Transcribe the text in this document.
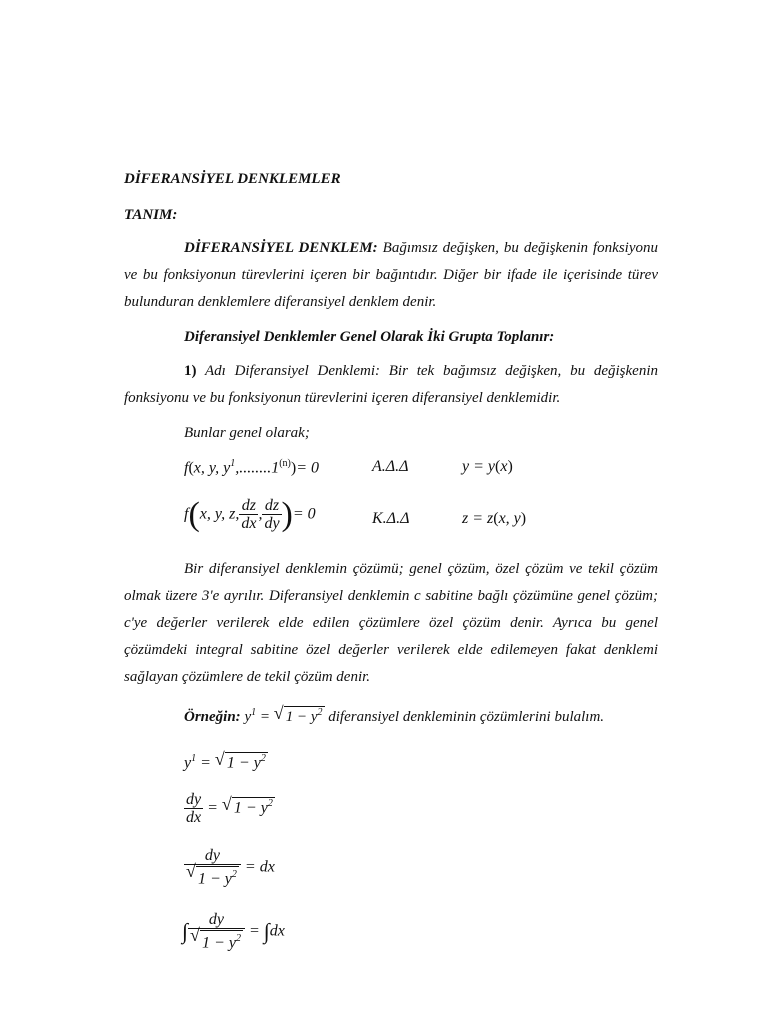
DİFERANSİYEL DENKLEMLER
TANIM:
DİFERANSİYEL DENKLEM: Bağımsız değişken, bu değişkenin fonksiyonu ve bu fonksiyonun türevlerini içeren bir bağıntıdır. Diğer bir ifade ile içerisinde türev bulunduran denklemlere diferansiyel denklem denir.
Diferansiyel Denklemler Genel Olarak İki Grupta Toplanır:
1) Adı Diferansiyel Denklemi: Bir tek bağımsız değişken, bu değişkenin fonksiyonu ve bu fonksiyonun türevlerini içeren diferansiyel denklemidir.
Bunlar genel olarak;
f(x, y, $y^1,........1^{(n)})= 0$	A.Δ.Δ	y = y(x)
f(x, y, z, $\frac{dz}{dx}$ , $\frac{dz}{dy}$ )= 0	K.Δ.Δ	z = z(x, y)
Bir diferansiyel denklemin çözümü; genel çözüm, özel çözüm ve tekil çözüm olmak üzere 3'e ayrılır. Diferansiyel denklemin c sabitine bağlı çözümüne genel çözüm; c'ye değerler verilerek elde edilen çözümlere özel çözüm denir. Ayrıca bu genel çözümdeki integral sabitine özel değerler verilerek elde edilemeyen fakat denklemi sağlayan çözümlere de tekil çözüm denir.
Örneğin: $y^1$ = √ $1 - y^2$ diferansiyel denkleminin çözümlerini bulalım.
$y^1$ = √ $1 - y^2$
$\frac{dy}{dx}$ = √ $1 - y^2$
$\frac{dy}{√ 1 - y^2}$ = dx
∫ $\frac{dy}{√ 1 - y^2} = \int dx$
